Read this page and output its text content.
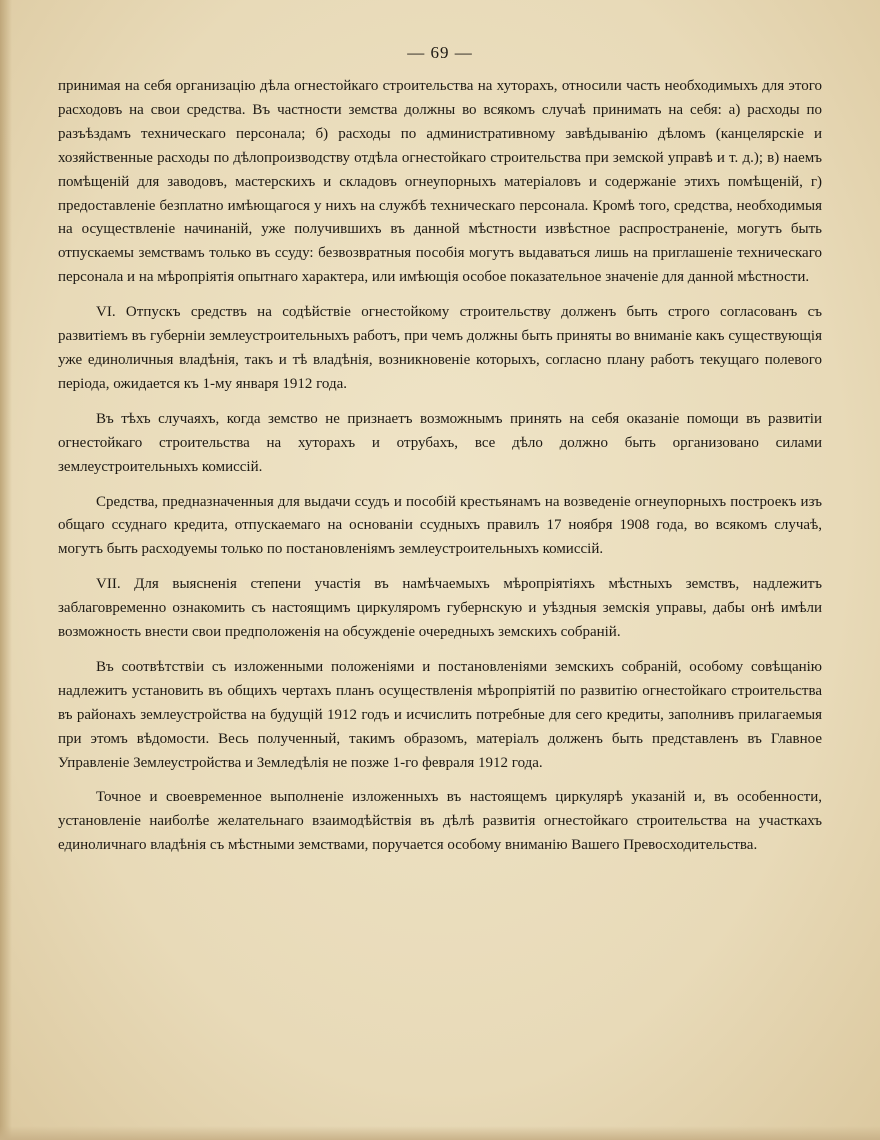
— 69 —

принимая на себя организацію дѣла огнестойкаго строительства на хуторахъ, относили часть необходимыхъ для этого расходовъ на свои средства. Въ частности земства должны во всякомъ случаѣ принимать на себя: а) расходы по разъѣздамъ техническаго персонала; б) расходы по административному завѣдыванію дѣломъ (канцелярскіе и хозяйственные расходы по дѣлопроизводству отдѣла огнестойкаго строительства при земской управѣ и т. д.); в) наемъ помѣщеній для заводовъ, мастерскихъ и складовъ огнеупорныхъ матеріаловъ и содержаніе этихъ помѣщеній, г) предоставленіе безплатно имѣющагося у нихъ на службѣ техническаго персонала. Кромѣ того, средства, необходимыя на осуществленіе начинаній, уже получившихъ въ данной мѣстности извѣстное распространеніе, могутъ быть отпускаемы земствамъ только въ ссуду: безвозвратныя пособія могутъ выдаваться лишь на приглашеніе техническаго персонала и на мѣропріятія опытнаго характера, или имѣющія особое показательное значеніе для данной мѣстности.

VI. Отпускъ средствъ на содѣйствіе огнестойкому строительству долженъ быть строго согласованъ съ развитіемъ въ губерніи землеустроительныхъ работъ, при чемъ должны быть приняты во вниманіе какъ существующія уже единоличныя владѣнія, такъ и тѣ владѣнія, возникновеніе которыхъ, согласно плану работъ текущаго полевого періода, ожидается къ 1-му января 1912 года.

Въ тѣхъ случаяхъ, когда земство не признаетъ возможнымъ принять на себя оказаніе помощи въ развитіи огнестойкаго строительства на хуторахъ и отрубахъ, все дѣло должно быть организовано силами землеустроительныхъ комиссій.

Средства, предназначенныя для выдачи ссудъ и пособій крестьянамъ на возведеніе огнеупорныхъ построекъ изъ общаго ссуднаго кредита, отпускаемаго на основаніи ссудныхъ правилъ 17 ноября 1908 года, во всякомъ случаѣ, могутъ быть расходуемы только по постановленіямъ землеустроительныхъ комиссій.

VII. Для выясненія степени участія въ намѣчаемыхъ мѣропріятіяхъ мѣстныхъ земствъ, надлежитъ заблаговременно ознакомить съ настоящимъ циркуляромъ губернскую и уѣздныя земскія управы, дабы онѣ имѣли возможность внести свои предположенія на обсужденіе очередныхъ земскихъ собраній.

Въ соотвѣтствіи съ изложенными положеніями и постановленіями земскихъ собраній, особому совѣщанію надлежитъ установить въ общихъ чертахъ планъ осуществленія мѣропріятій по развитію огнестойкаго строительства въ районахъ землеустройства на будущій 1912 годъ и исчислить потребные для сего кредиты, заполнивъ прилагаемыя при этомъ вѣдомости. Весь полученный, такимъ образомъ, матеріалъ долженъ быть представленъ въ Главное Управленіе Землеустройства и Земледѣлія не позже 1-го февраля 1912 года.

Точное и своевременное выполненіе изложенныхъ въ настоящемъ циркулярѣ указаній и, въ особенности, установленіе наиболѣе желательнаго взаимодѣйствія въ дѣлѣ развитія огнестойкаго строительства на участкахъ единоличнаго владѣнія съ мѣстными земствами, поручается особому вниманію Вашего Превосходительства.
